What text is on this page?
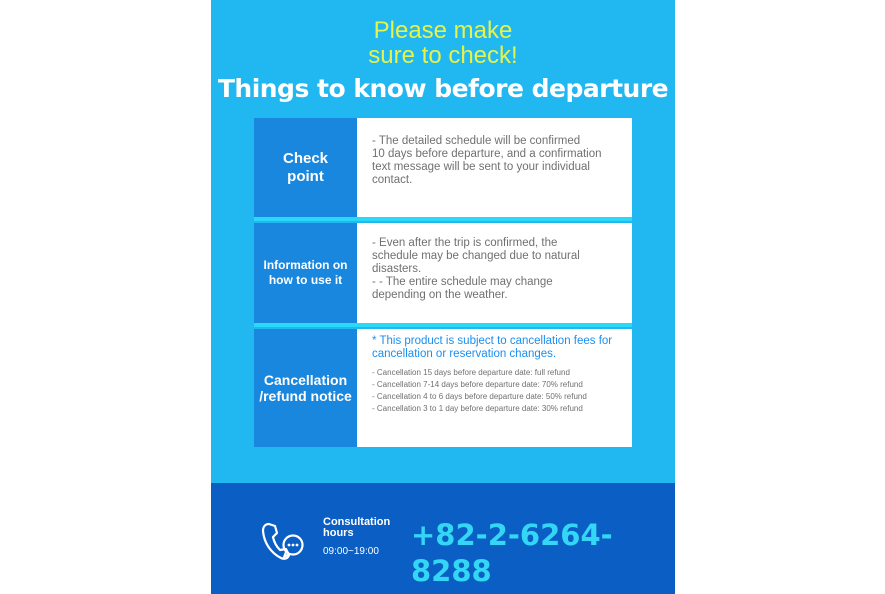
Please make
sure to check!
Things to know before departure
Check point
- The detailed schedule will be confirmed
10 days before departure, and a confirmation
text message will be sent to your individual
contact.
Information on how to use it
- Even after the trip is confirmed, the
schedule may be changed due to natural
disasters.
- - The entire schedule may change
depending on the weather.
Cancellation /refund notice
* This product is subject to cancellation fees for
cancellation or reservation changes.
- Cancellation 15 days before departure date: full refund
- Cancellation 7-14 days before departure date: 70% refund
- Cancellation 4 to 6 days before departure date: 50% refund
- Cancellation 3 to 1 day before departure date: 30% refund
Consultation
hours
09:00~19:00 +82-2-6264-8288
